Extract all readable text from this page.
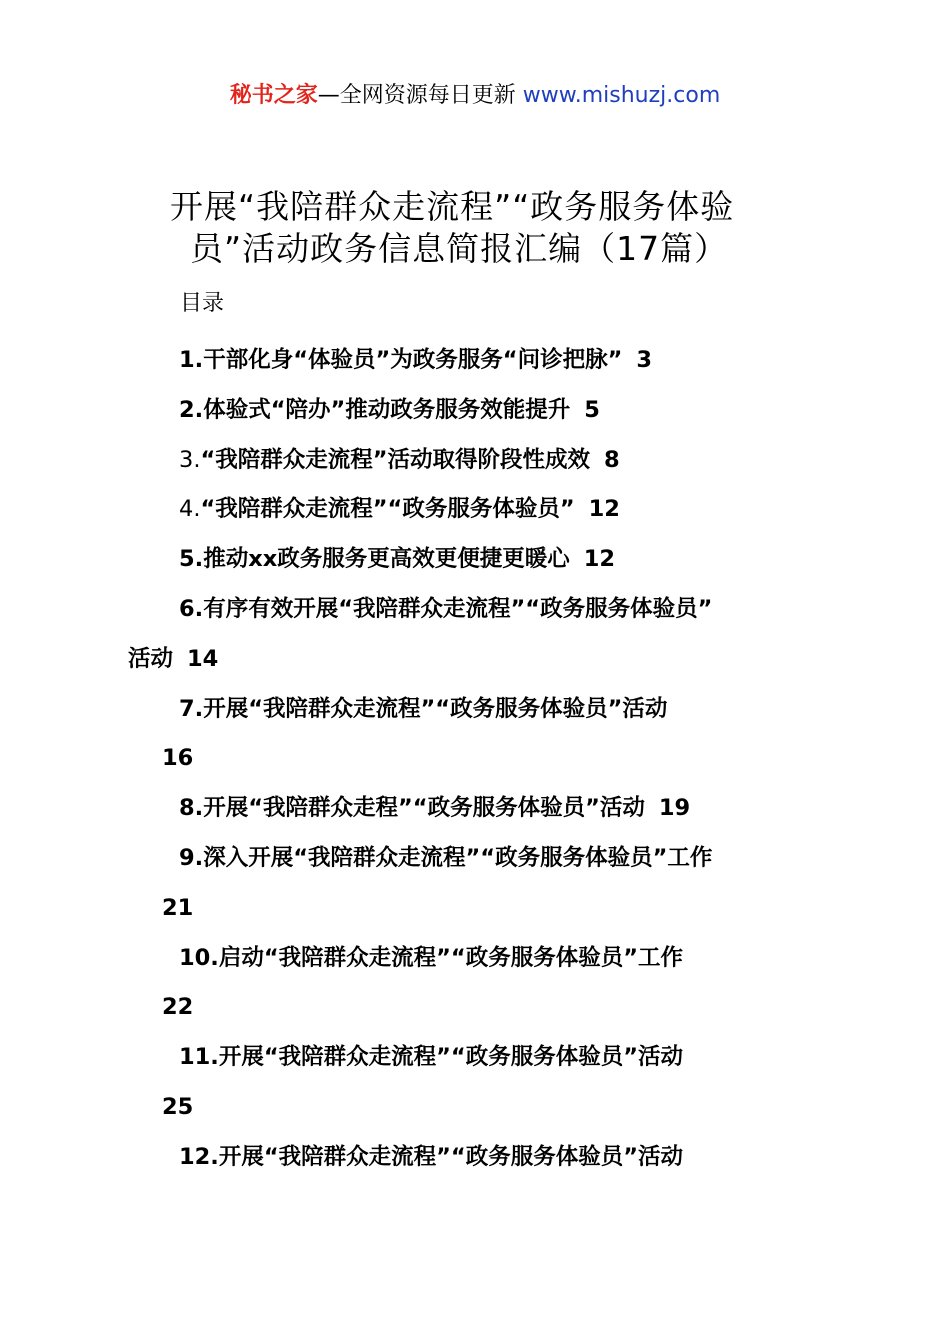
秘书之家—全网资源每日更新 www.mishuzj.com
开展“我陪群众走流程”“政务服务体验
员”活动政务信息简报汇编（17篇）
目录
1.干部化身“体验员”为政务服务“问诊把脉” 3
2.体验式“陪办”推动政务服务效能提升 5
3.“我陪群众走流程”活动取得阶段性成效 8
4.“我陪群众走流程”“政务服务体验员” 12
5.推动xx政务服务更高效更便捷更暖心 12
6.有序有效开展“我陪群众走流程”“政务服务体验员”
活动 14
7.开展“我陪群众走流程”“政务服务体验员”活动
16
8.开展“我陪群众走程”“政务服务体验员”活动 19
9.深入开展“我陪群众走流程”“政务服务体验员”工作
21
10.启动“我陪群众走流程”“政务服务体验员”工作
22
11.开展“我陪群众走流程”“政务服务体验员”活动
25
12.开展“我陪群众走流程”“政务服务体验员”活动
